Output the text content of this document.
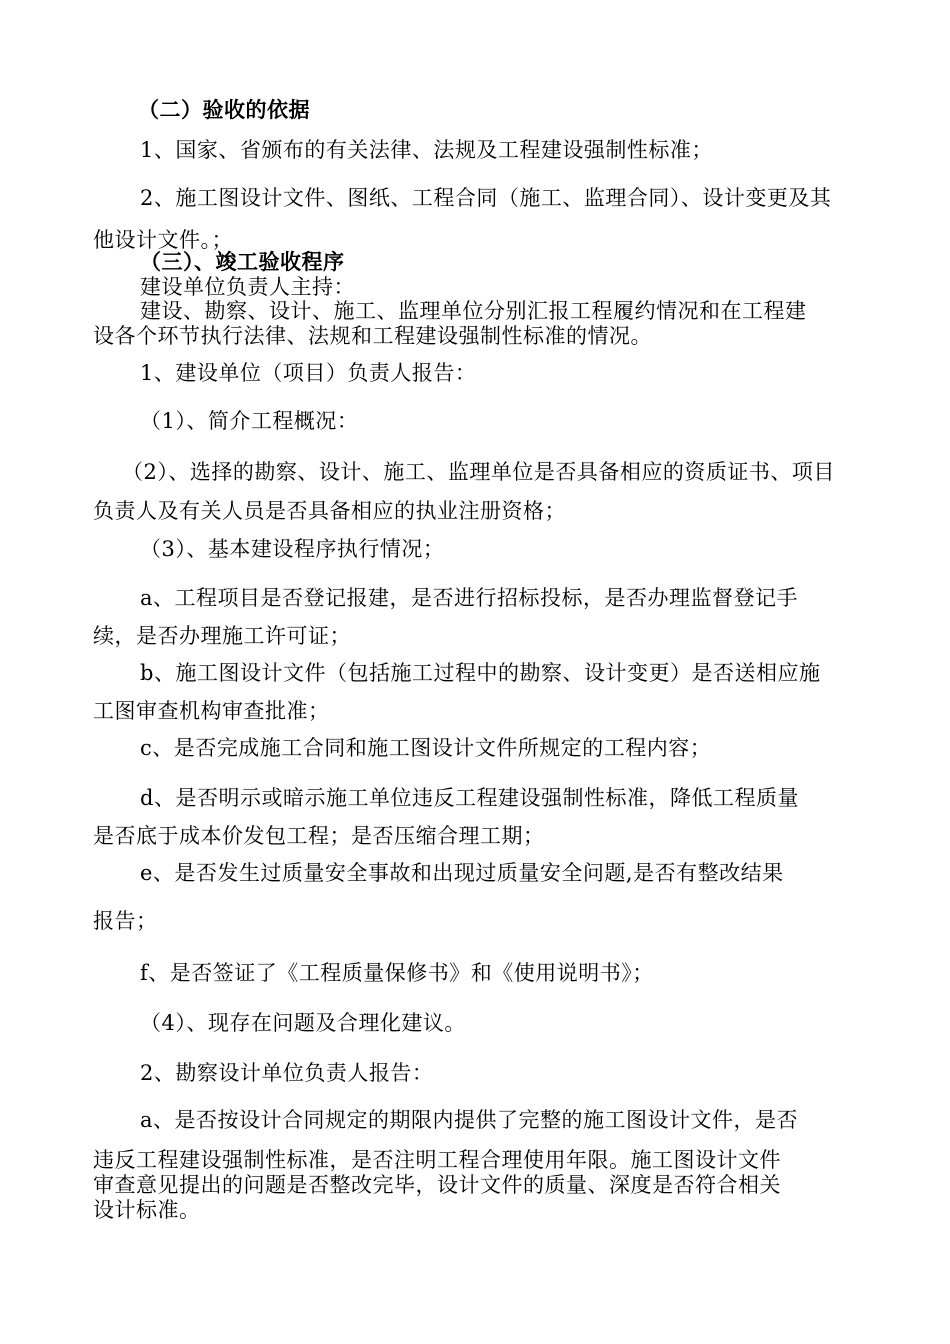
（二）验收的依据
1、国家、省颁布的有关法律、法规及工程建设强制性标准；
2、施工图设计文件、图纸、工程合同（施工、监理合同）、设计变更及其
他设计文件。；
（三）、竣工验收程序
建设单位负责人主持：
建设、勘察、设计、施工、监理单位分别汇报工程履约情况和在工程建
设各个环节执行法律、法规和工程建设强制性标准的情况。
1、建设单位（项目）负责人报告：
（1）、简介工程概况：
（2）、选择的勘察、设计、施工、监理单位是否具备相应的资质证书、项目
负责人及有关人员是否具备相应的执业注册资格；
（3）、基本建设程序执行情况；
a、工程项目是否登记报建，是否进行招标投标，是否办理监督登记手
续，是否办理施工许可证；
b、施工图设计文件（包括施工过程中的勘察、设计变更）是否送相应施
工图审查机构审查批准；
c、是否完成施工合同和施工图设计文件所规定的工程内容；
d、是否明示或暗示施工单位违反工程建设强制性标准，降低工程质量
是否底于成本价发包工程；是否压缩合理工期；
e、是否发生过质量安全事故和出现过质量安全问题,是否有整改结果
报告；
f、是否签证了《工程质量保修书》和《使用说明书》；
（4）、现存在问题及合理化建议。
2、勘察设计单位负责人报告：
a、是否按设计合同规定的期限内提供了完整的施工图设计文件，是否
违反工程建设强制性标准，是否注明工程合理使用年限。施工图设计文件
审查意见提出的问题是否整改完毕，设计文件的质量、深度是否符合相关
设计标准。
